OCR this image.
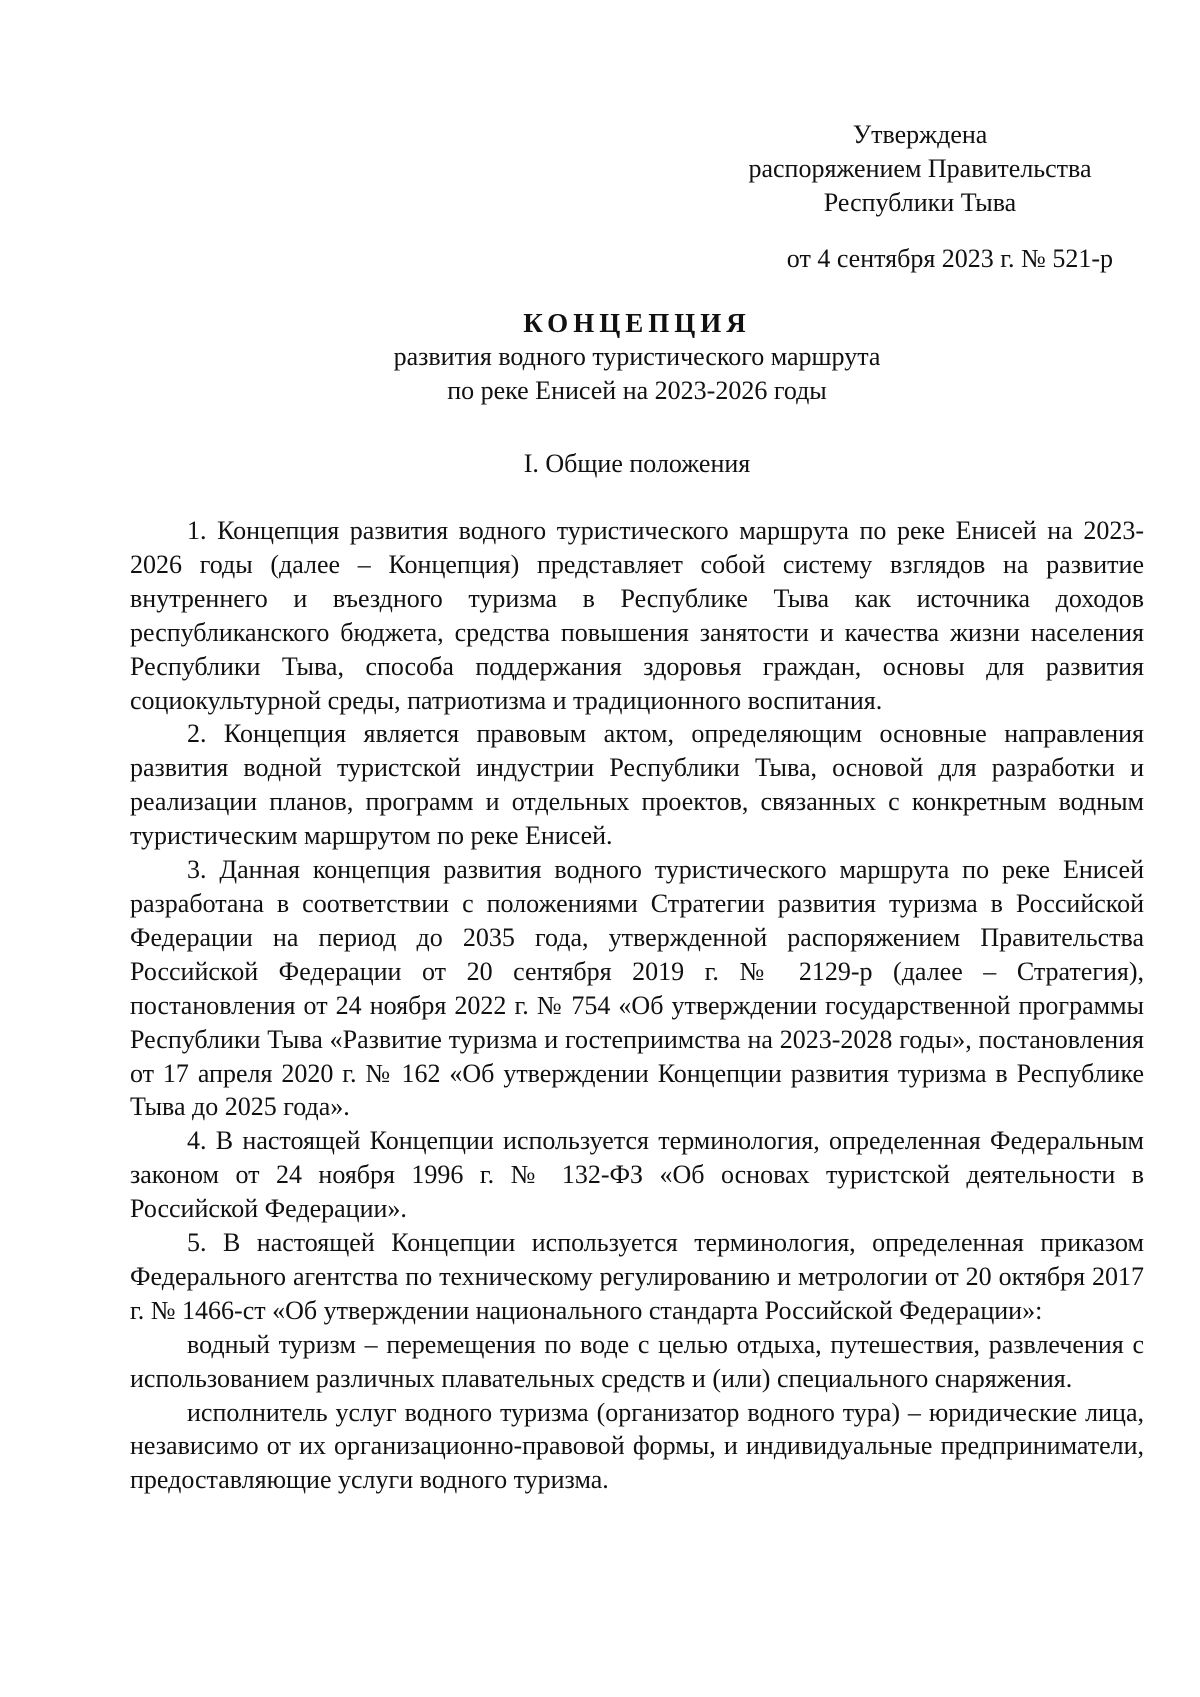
Утверждена
распоряжением Правительства
Республики Тыва
от 4 сентября 2023 г. № 521-р

КОНЦЕПЦИЯ

развития водного туристического маршрута

по реке Енисей на 2023-2026 годы

I. Общие положения

1. Концепция развития водного туристического маршрута по реке Енисей на 2023-2026 годы (далее – Концепция) представляет собой систему взглядов на развитие внутреннего и въездного туризма в Республике Тыва как источника доходов республиканского бюджета, средства повышения занятости и качества жизни населения Республики Тыва, способа поддержания здоровья граждан, основы для развития социокультурной среды, патриотизма и традиционного воспитания.

2. Концепция является правовым актом, определяющим основные направления развития водной туристской индустрии Республики Тыва, основой для разработки и реализации планов, программ и отдельных проектов, связанных с конкретным водным туристическим маршрутом по реке Енисей.

3. Данная концепция развития водного туристического маршрута по реке Енисей разработана в соответствии с положениями Стратегии развития туризма в Российской Федерации на период до 2035 года, утвержденной распоряжением Правительства Российской Федерации от 20 сентября 2019 г. № 2129-р (далее – Стратегия), постановления от 24 ноября 2022 г. № 754 «Об утверждении государственной программы Республики Тыва «Развитие туризма и гостеприимства на 2023-2028 годы», постановления от 17 апреля 2020 г. № 162 «Об утверждении Концепции развития туризма в Республике Тыва до 2025 года».

4. В настоящей Концепции используется терминология, определенная Федеральным законом от 24 ноября 1996 г. № 132-ФЗ «Об основах туристской деятельности в Российской Федерации».

5. В настоящей Концепции используется терминология, определенная приказом Федерального агентства по техническому регулированию и метрологии от 20 октября 2017 г. № 1466-ст «Об утверждении национального стандарта Российской Федерации»:

водный туризм – перемещения по воде с целью отдыха, путешествия, развлечения с использованием различных плавательных средств и (или) специального снаряжения.

исполнитель услуг водного туризма (организатор водного тура) – юридические лица, независимо от их организационно-правовой формы, и индивидуальные предприниматели, предоставляющие услуги водного туризма.
